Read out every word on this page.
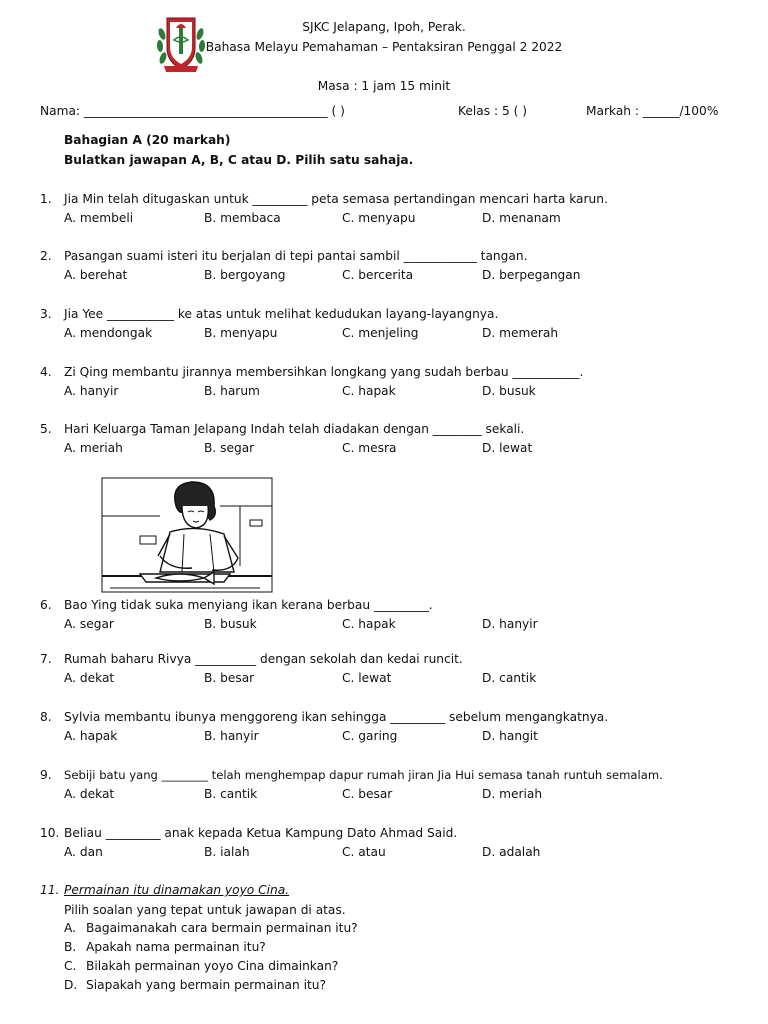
SJKC Jelapang, Ipoh, Perak.
Bahasa Melayu Pemahaman – Pentaksiran Penggal 2 2022
Masa : 1 jam 15 minit
Nama: ________________________________________ ( )	Kelas : 5 ( )	Markah : ______/100%
Bahagian A (20 markah)
Bulatkan jawapan A, B, C atau D. Pilih satu sahaja.
1. Jia Min telah ditugaskan untuk _________ peta semasa pertandingan mencari harta karun.
A. membeli	B. membaca	C. menyapu	D. menanam
2. Pasangan suami isteri itu berjalan di tepi pantai sambil ____________ tangan.
A. berehat	B. bergoyang	C. bercerita	D. berpegangan
3. Jia Yee ___________ ke atas untuk melihat kedudukan layang-layangnya.
A. mendongak	B. menyapu	C. menjeling	D. memerah
4. Zi Qing membantu jirannya membersihkan longkang yang sudah berbau ___________.
A. hanyir	B. harum	C. hapak	D. busuk
5. Hari Keluarga Taman Jelapang Indah telah diadakan dengan ________ sekali.
A. meriah	B. segar	C. mesra	D. lewat
6. Bao Ying tidak suka menyiang ikan kerana berbau _________.
A. segar	B. busuk	C. hapak	D. hanyir
7. Rumah baharu Rivya __________ dengan sekolah dan kedai runcit.
A. dekat	B. besar	C. lewat	D. cantik
8. Sylvia membantu ibunya menggoreng ikan sehingga _________ sebelum mengangkatnya.
A. hapak	B. hanyir	C. garing	D. hangit
9. Sebiji batu yang ________ telah menghempap dapur rumah jiran Jia Hui semasa tanah runtuh semalam.
A. dekat	B. cantik	C. besar	D. meriah
10. Beliau _________ anak kepada Ketua Kampung Dato Ahmad Said.
A. dan	B. ialah	C. atau	D. adalah
11. Permainan itu dinamakan yoyo Cina.
Pilih soalan yang tepat untuk jawapan di atas.
A. Bagaimanakah cara bermain permainan itu?
B. Apakah nama permainan itu?
C. Bilakah permainan yoyo Cina dimainkan?
D. Siapakah yang bermain permainan itu?
